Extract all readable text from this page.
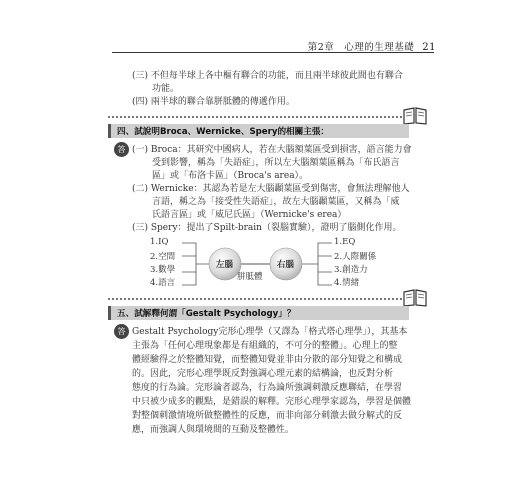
第2章　心理的生理基礎 21
(三) 不但每半球上各中樞有聯合的功能，而且兩半球彼此間也有聯合
功能。
(四) 兩半球的聯合靠胼胝體的傳遞作用。
四、試說明Broca、Wernicke、Spery的相關主張：
答 (一) Broca：其研究中國病人，若在大腦額葉區受到損害，語言能力會
受到影響，稱為「失語症」，所以左大腦額葉區稱為「布氏語言
區」或「布洛卡區」（Broca's area）。
(二) Wernicke：其認為若是左大腦顳葉區受到傷害，會無法理解他人
言語，稱之為「接受性失語症」，故左大腦顳葉區，又稱為「威
氏語言區」或「威尼氏區」（Wernicke's erea）
(三) Spery：提出了Spilt-brain（裂腦實驗），證明了腦側化作用。
1.IQ
2.空間
3.數學
4.語言
左腦	右腦
胼胝體
1.EQ
2.人際關係
3.創造力
4.情緒
五、試解釋何謂「Gestalt Psychology」？
答 Gestalt Psychology完形心理學（又譯為「格式塔心理學」），其基本
主張為「任何心理現象都是有組織的，不可分的整體」。心理上的整
體經驗得之於整體知覺，而整體知覺並非由分散的部分知覺之和構成
的。因此，完形心理學既反對強調心理元素的結構論，也反對分析
態度的行為論。完形論者認為，行為論所強調刺激反應聯結，在學習
中只被少成多的觀點，是錯誤的解釋。完形心理學家認為，學習是個體
對整個刺激情境所做整體性的反應，而非向部分刺激去做分解式的反
應，而強調人與環境間的互動及整體性。
